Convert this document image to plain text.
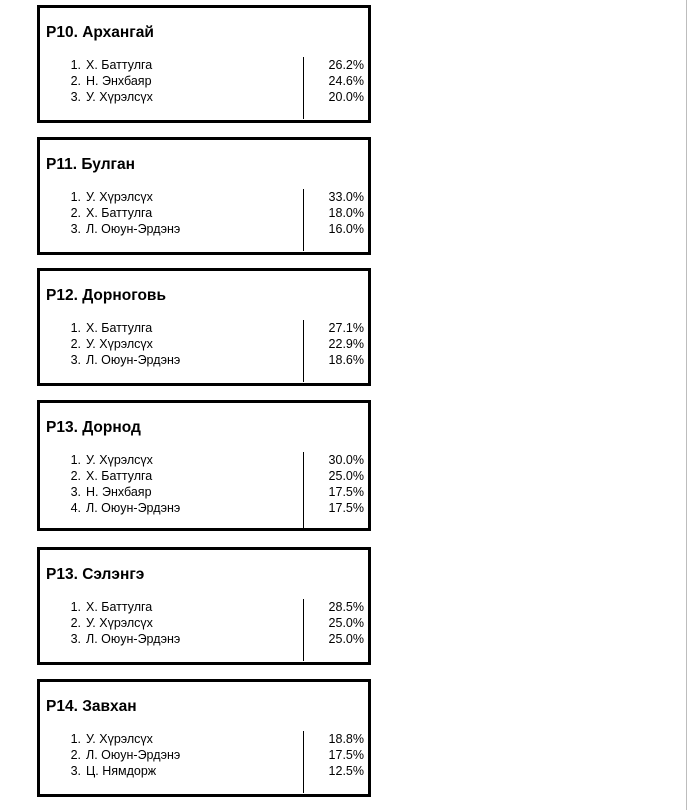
P10. Архангай
1. Х. Баттулга	26.2%
2. Н. Энхбаяр	24.6%
3. У. Хүрэлсүх	20.0%
P11. Булган
1. У. Хүрэлсүх	33.0%
2. Х. Баттулга	18.0%
3. Л. Оюун-Эрдэнэ	16.0%
P12. Дорноговь
1. Х. Баттулга	27.1%
2. У. Хүрэлсүх	22.9%
3. Л. Оюун-Эрдэнэ	18.6%
P13. Дорнод
1. У. Хүрэлсүх	30.0%
2. Х. Баттулга	25.0%
3. Н. Энхбаяр	17.5%
4. Л. Оюун-Эрдэнэ	17.5%
P13. Сэлэнгэ
1. Х. Баттулга	28.5%
2. У. Хүрэлсүх	25.0%
3. Л. Оюун-Эрдэнэ	25.0%
P14. Завхан
1. У. Хүрэлсүх	18.8%
2. Л. Оюун-Эрдэнэ	17.5%
3. Ц. Нямдорж	12.5%
